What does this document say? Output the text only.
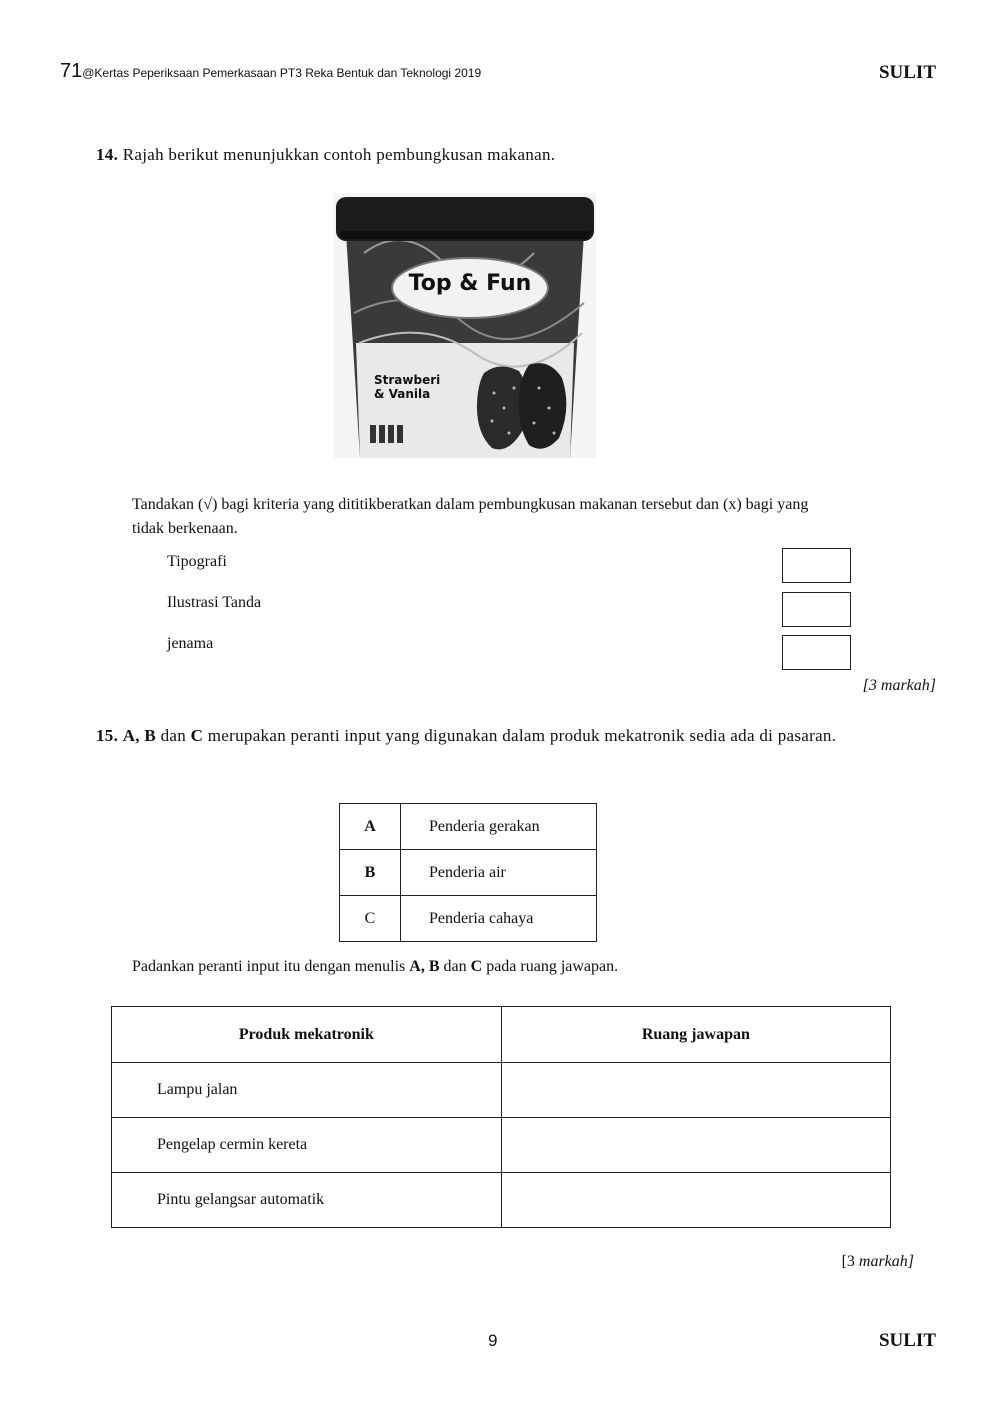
71@Kertas Peperiksaan Pemerkasaan PT3 Reka Bentuk dan Teknologi 2019	SULIT
14. Rajah berikut menunjukkan contoh pembungkusan makanan.
Top & Fun
Strawberi
& Vanila
Tandakan (√) bagi kriteria yang dititikberatkan dalam pembungkusan makanan tersebut dan (x) bagi yang
tidak berkenaan.
Tipografi
Ilustrasi Tanda
jenama
[3 markah]
15. A, B dan C merupakan peranti input yang digunakan dalam produk mekatronik sedia ada di pasaran.
A	Penderia gerakan
B	Penderia air
C	Penderia cahaya
Padankan peranti input itu dengan menulis A, B dan C pada ruang jawapan.
Produk mekatronik	Ruang jawapan
Lampu jalan	
Pengelap cermin kereta	
Pintu gelangsar automatik	
[3 markah]
9	SULIT
